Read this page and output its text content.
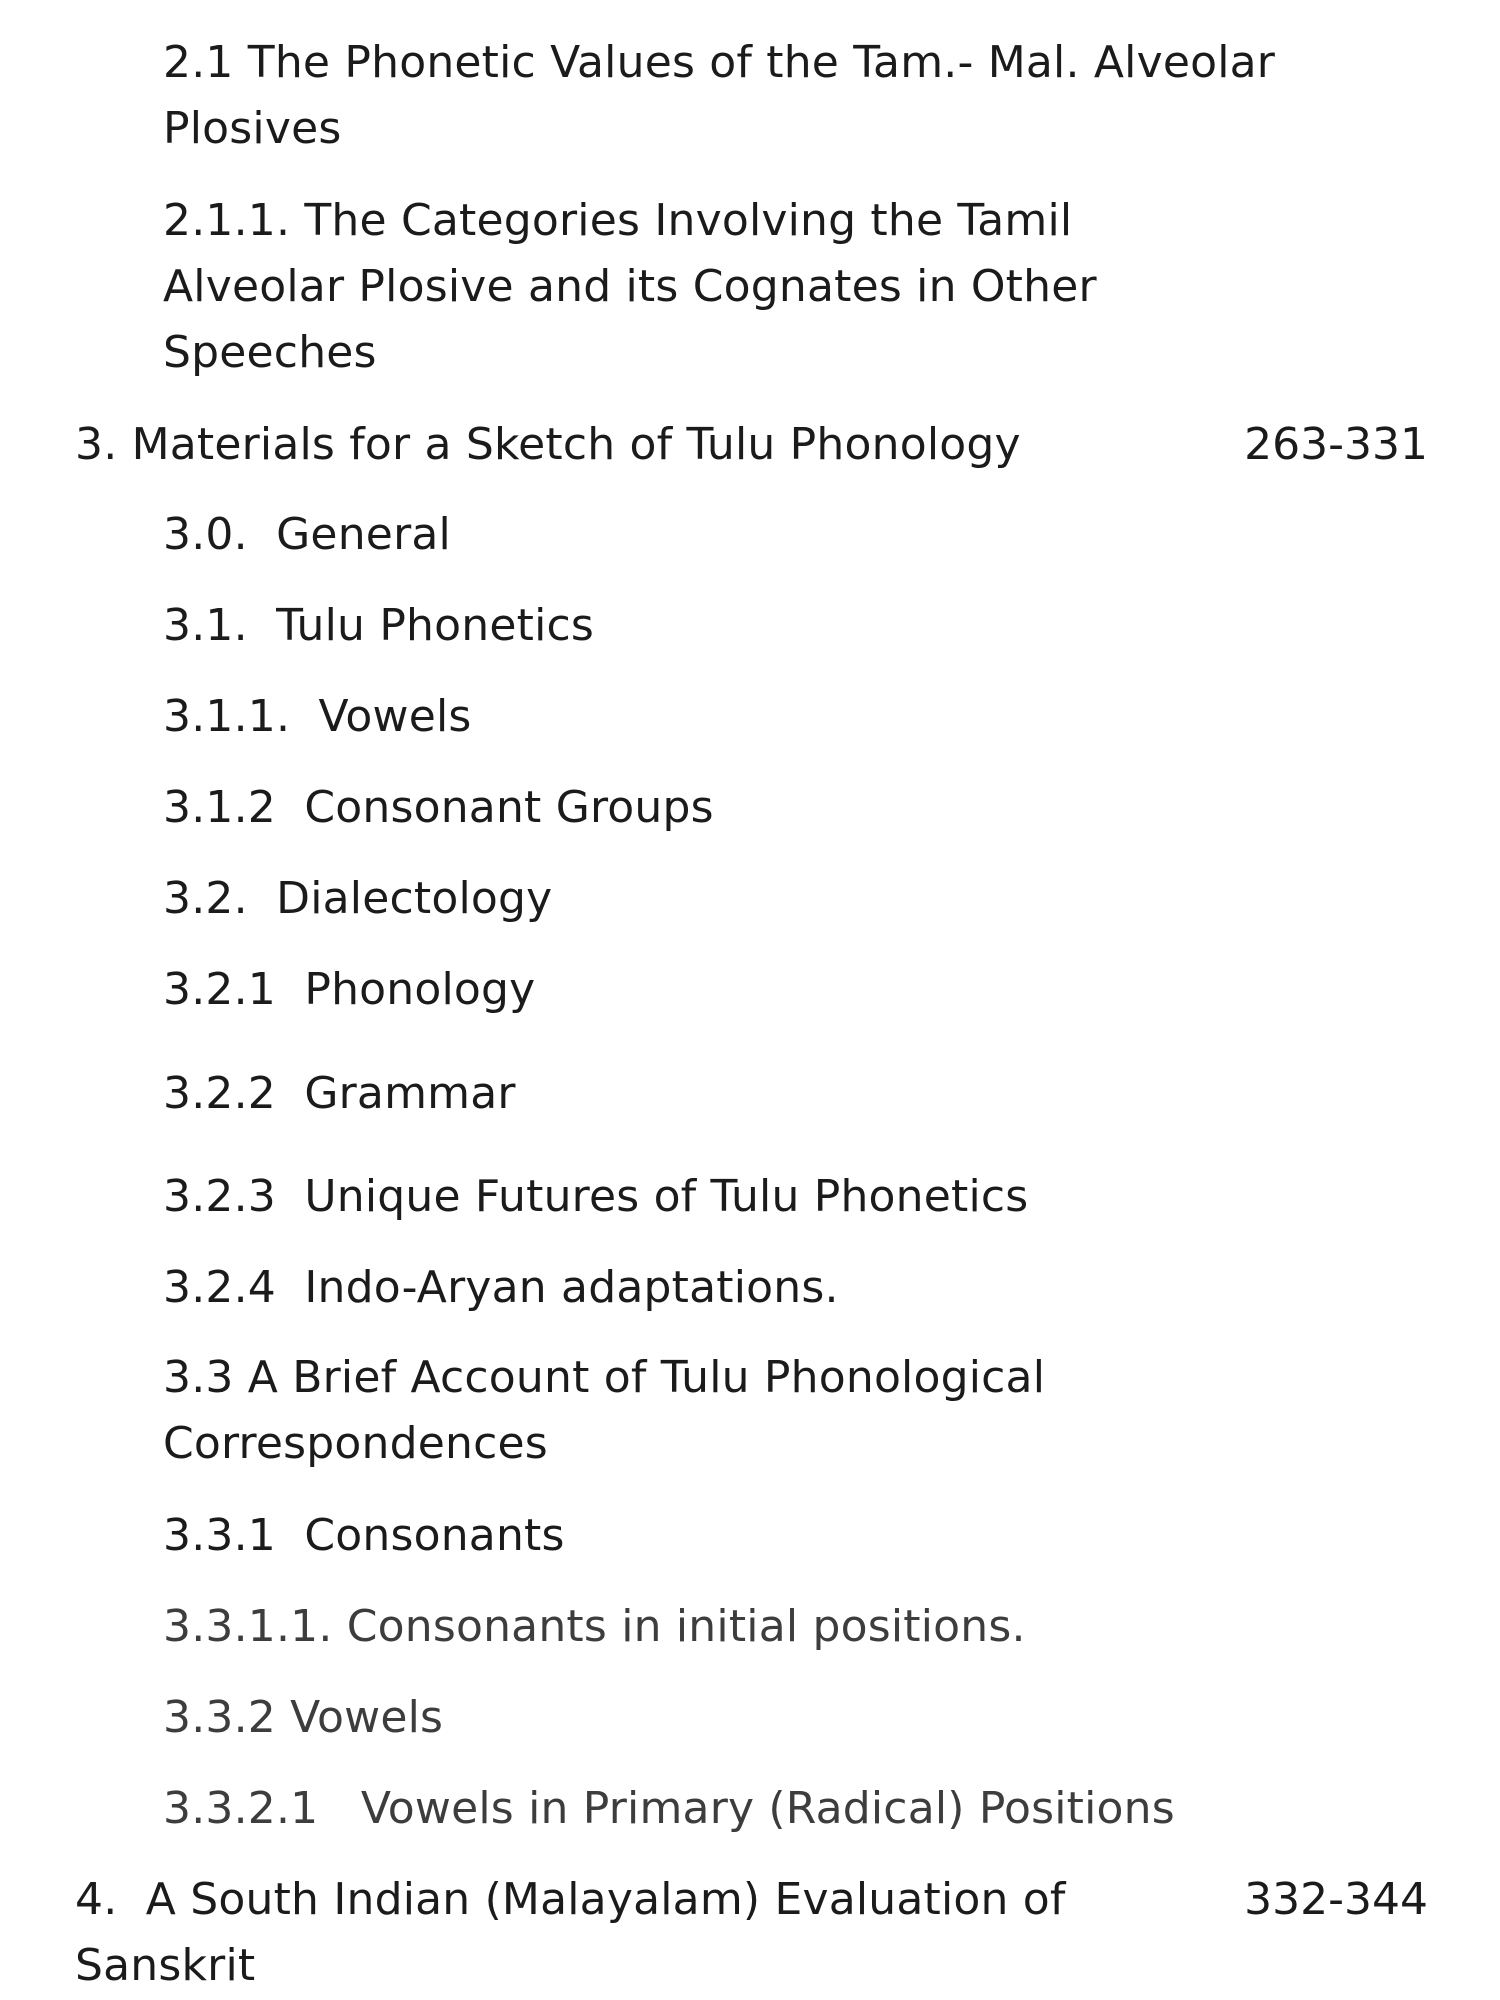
2.1 The Phonetic Values of the Tam.- Mal. Alveolar
Plosives
2.1.1. The Categories Involving the Tamil
Alveolar Plosive and its Cognates in Other
Speeches
3. Materials for a Sketch of Tulu Phonology	263-331
3.0. General
3.1. Tulu Phonetics
3.1.1. Vowels
3.1.2 Consonant Groups
3.2. Dialectology
3.2.1 Phonology
3.2.2 Grammar
3.2.3 Unique Futures of Tulu Phonetics
3.2.4 Indo-Aryan adaptations.
3.3 A Brief Account of Tulu Phonological
Correspondences
3.3.1 Consonants
3.3.1.1. Consonants in initial positions.
3.3.2 Vowels
3.3.2.1 Vowels in Primary (Radical) Positions
4. A South Indian (Malayalam) Evaluation of
Sanskrit
332-344
